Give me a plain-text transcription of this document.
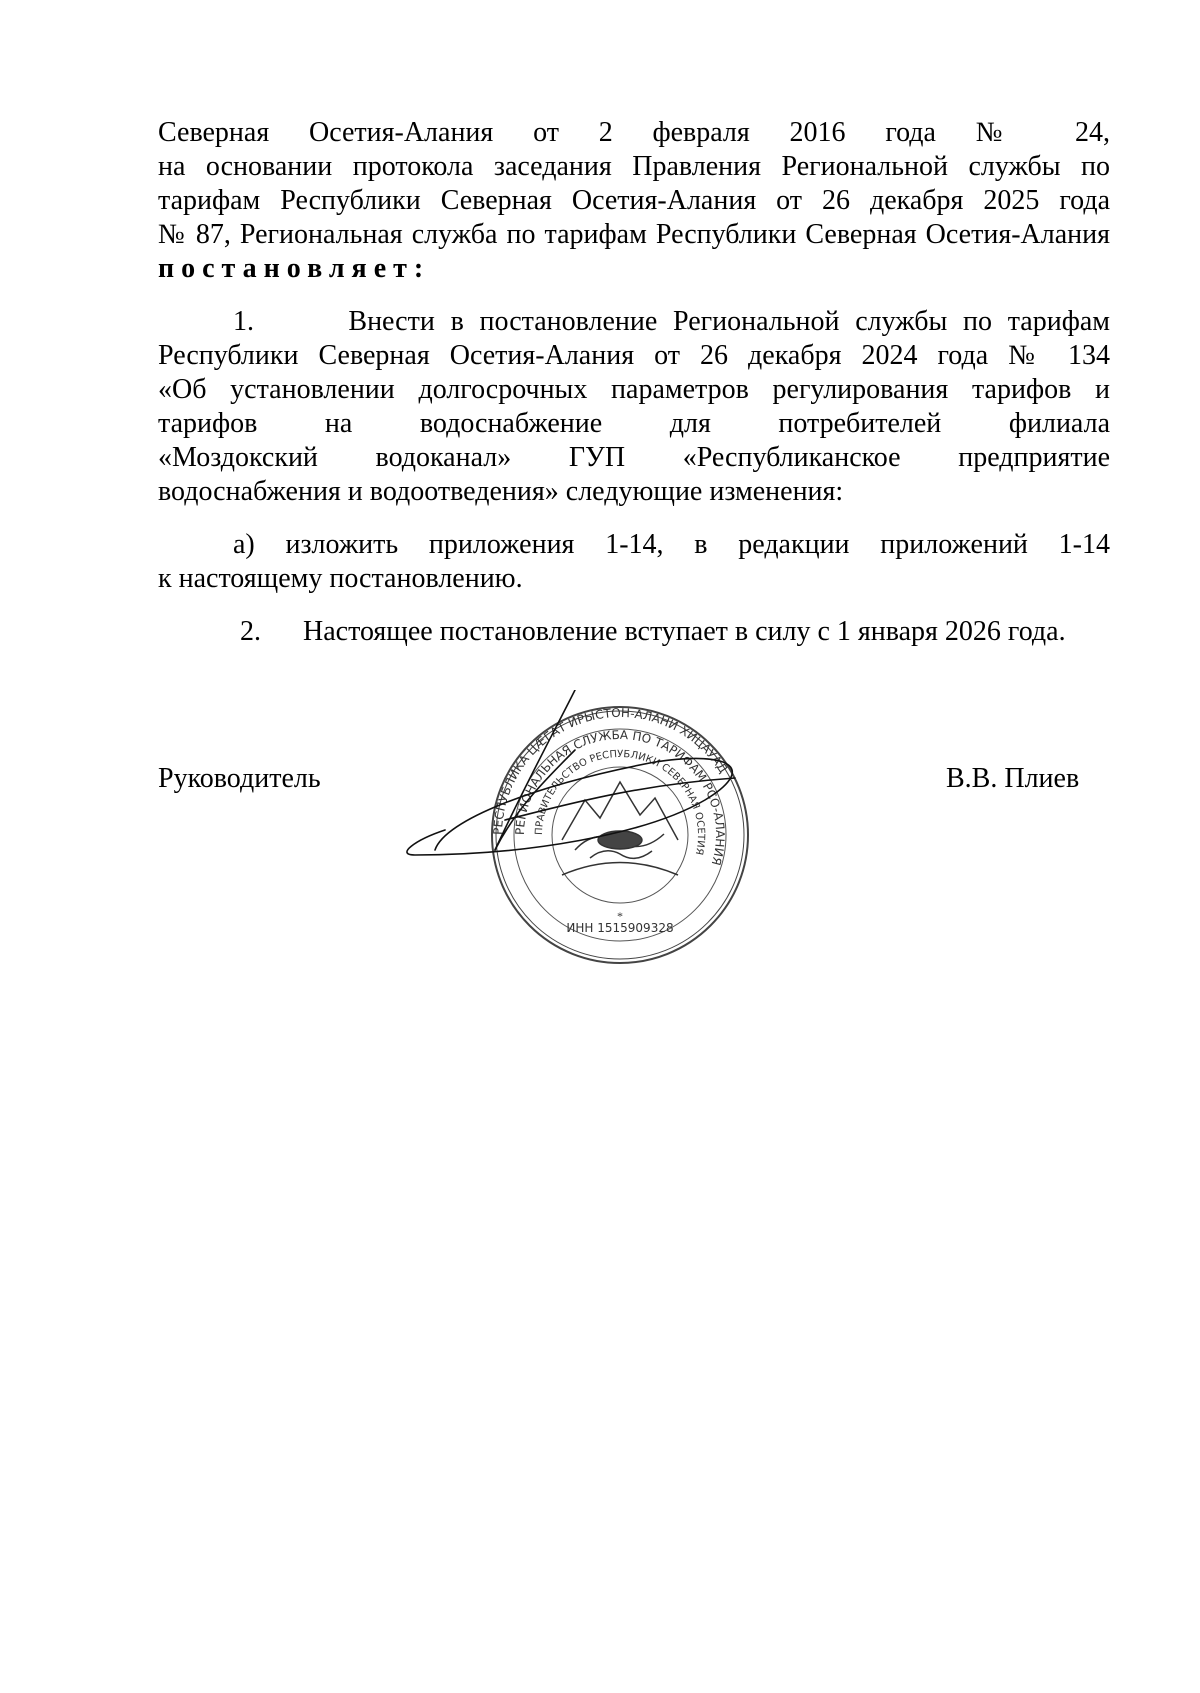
Северная Осетия-Алания от 2 февраля 2016 года № 24,
на основании протокола заседания Правления Региональной службы по
тарифам Республики Северная Осетия-Алания от 26 декабря 2025 года
№ 87, Региональная служба по тарифам Республики Северная Осетия-Алания
постановляет:
1.      Внести в постановление Региональной службы по тарифам
Республики Северная Осетия-Алания от 26 декабря 2024 года № 134
«Об установлении долгосрочных параметров регулирования тарифов и
тарифов на водоснабжение для потребителей филиала
«Моздокский водоканал» ГУП «Республиканское предприятие
водоснабжения и водоотведения» следующие изменения:
а) изложить приложения 1-14, в редакции приложений 1-14
к настоящему постановлению.
2.      Настоящее постановление вступает в силу с 1 января 2026 года.
Руководитель	В.В. Плиев
РЕСПУБЛИКА ЦӔГАТ ИРЫСТОН-АЛАНИ ХИЦАУАД
РЕГИОНАЛЬНАЯ СЛУЖБА ПО ТАРИФАМ РСО-АЛАНИЯ
ПРАВИТЕЛЬСТВО РЕСПУБЛИКИ СЕВЕРНАЯ ОСЕТИЯ
ИНН 1515909328
*
